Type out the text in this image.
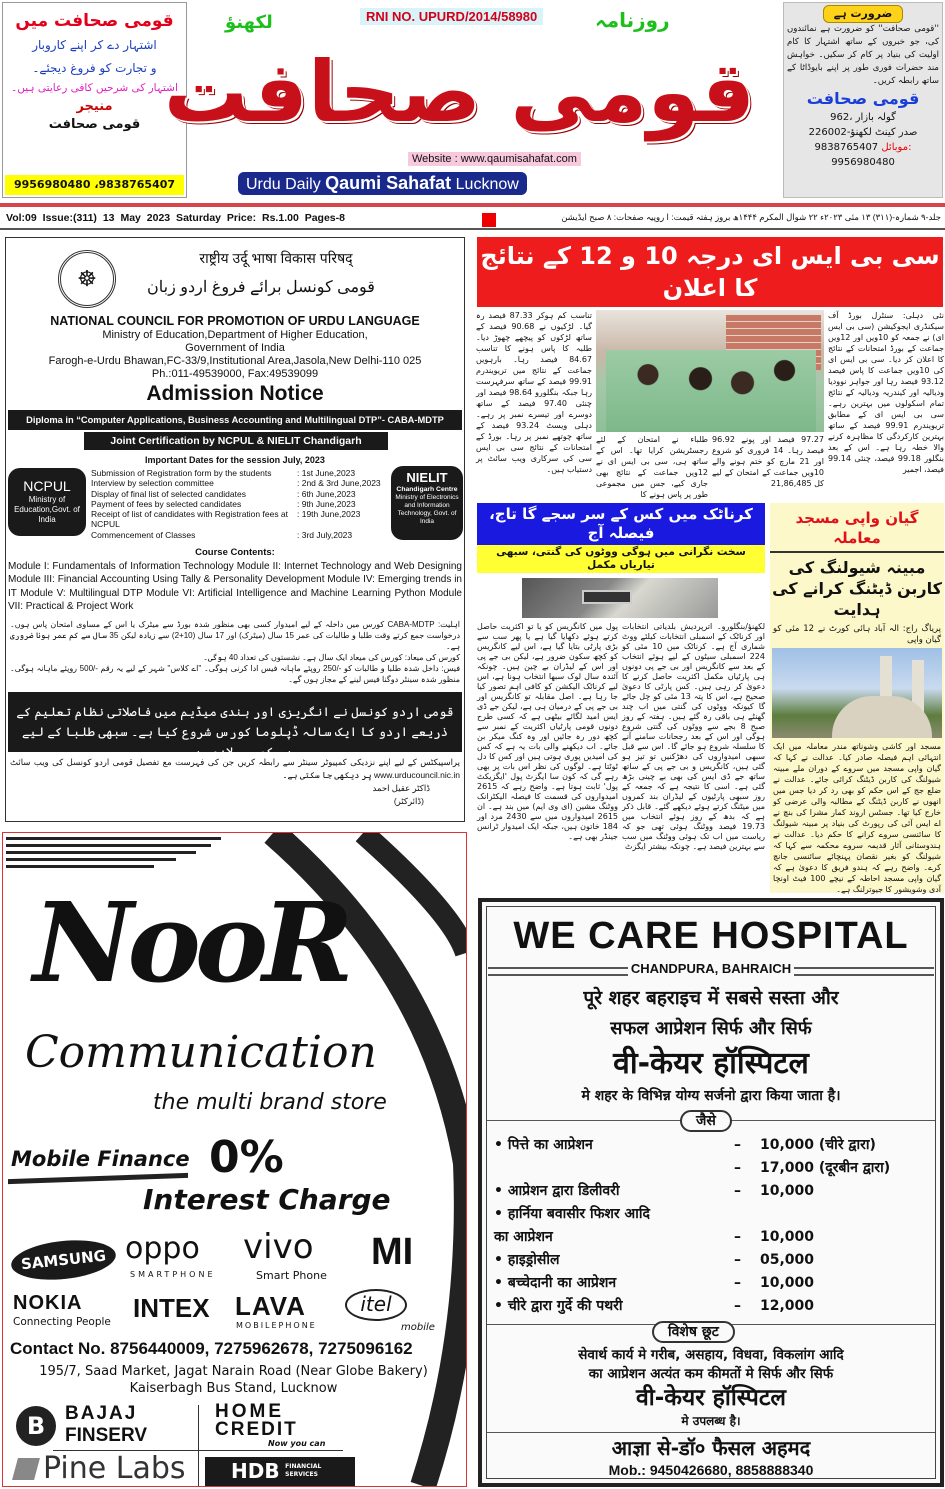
قومی صحافت میں
اشتہار دے کر اپنے کاروبار
و تجارت کو فروغ دیجئے۔
اشتہار کی شرحیں کافی رعایتی ہیں۔
منیجر
قومی صحافت
9956980480 ،9838765407
قومی صحافت
RNI NO. UPURD/2014/58980
لکھنؤ	روزنامہ
Website : www.qaumisahafat.com
Urdu Daily Qaumi Sahafat Lucknow
ضرورت ہے
''قومی صحافت'' کو ضرورت ہے نمائندوں کی، جو خبروں کے ساتھ اشتہار کا کام اولیت کی بنیاد پر کام کر سکیں۔ خواہش مند حضرات فوری طور پر اپنے بایوڈاٹا کے ساتھ رابطہ کریں۔
قومی صحافت
962، گولہ بازار
صدر کینٹ لکھنؤ-226002
9838765407 موبائل:
9956980480
Vol:09 Issue:(311) 13 May 2023 Saturday Price: Rs.1.00 Pages-8	جلد-۹ شمارہ-(۳۱۱) ۱۳ مئی ۲۰۲۳ء ۲۲ شوال المکرم ۱۴۴۴ھ بروز ہفتہ قیمت: ا روپیہ صفحات: ۸ صبح ایڈیشن
☸
राष्ट्रीय उर्दू भाषा विकास परिषद्
قومی کونسل برائے فروغ اردو زبان
NATIONAL COUNCIL FOR PROMOTION OF URDU LANGUAGE
Ministry of Education,Department of Higher Education,
Government of India
Farogh-e-Urdu Bhawan,FC-33/9,Institutional Area,Jasola,New Delhi-110 025
Ph.:011-49539000, Fax:49539099
Admission Notice
Diploma in “Computer Applications, Business Accounting and Multilingual DTP”- CABA-MDTP
Joint Certification by NCPUL & NIELIT Chandigarh
Important Dates for the session July, 2023
NCPUL
Ministry of Education,Govt. of India
Submission of Registration form by the students	: 1st June,2023
Interview by selection committee	: 2nd & 3rd June,2023
Display of final list of selected candidates	: 6th June,2023
Payment of fees by selected candidates	: 9th June,2023
Receipt of list of candidates with Registration fees at NCPUL
: 19th June,2023
Commencement of Classes	: 3rd July,2023
NIELIT
Chandigarh Centre
Ministry of Electronics and Information Technology, Govt. of India
Course Contents:
Module I: Fundamentals of Information Technology Module II: Internet Technology and Web Designing Module III: Financial Accounting Using Tally & Personality Development Module IV: Emerging trends in IT Module V: Multilingual DTP Module VI: Artificial Intelligence and Machine Learning Python Module VII: Practical & Project Work
اہلیت: CABA-MDTP کورس میں داخلہ کے لیے امیدوار کسی بھی منظور شدہ بورڈ سے میٹرک یا اس کے مساوی امتحان پاس ہوں۔ درخواست جمع کرتے وقت طلبا و طالبات کی عمر 15 سال (میٹرک) اور 17 سال (10+2) سے زیادہ لیکن 35 سال سے کم عمر ہونا ضروری ہے۔
کورس کی میعاد: کورس کی میعاد ایک سال ہے۔ نشستوں کی تعداد 40 ہوگی۔
فیس: داخل شدہ طلبا و طالبات کو -/250 روپئے ماہانہ فیس ادا کرنی ہوگی۔ ''اے کلاس'' شہر کے لیے یہ رقم -/500 روپئے ماہانہ ہوگی۔ منظور شدہ سینٹر دوگنا فیس لینے کے مجاز ہوں گے۔
قومی اردو کونسل نے انگریزی اور ہندی میڈیم میں فاصلاتی نظام تعلیم کے ذریعے اردو کا ایک سالہ ڈپلوما کورس شروع کیا ہے۔ سبھی طلبا کے لیے یہ کورس لازمی ہے۔
پراسپیکٹس کے لیے اپنے نزدیکی کمپیوٹر سینٹر سے رابطہ کریں جن کی فہرست مع تفصیل قومی اردو کونسل کی ویب سائٹ www.urducouncil.nic.in پر دیکھی جا سکتی ہے۔
ڈاکٹر عقیل احمد
(ڈائرکٹر)
NooR
Communication
the multi brand store
Mobile Finance 0%
Interest Charge
SAMSUNG oppo
SMARTPHONE
vivo
Smart Phone
MI
NOKIA
Connecting People INTEX LAVA
MOBILEPHONE
itel
mobile
Contact No. 8756440009, 7275962678, 7275096162
195/7, Saad Market, Jagat Narain Road (Near Globe Bakery)
Kaiserbagh Bus Stand, Lucknow
B	BAJAJ
FINSERV
HOME
CREDIT
Now you can
Pine Labs	HDB FINANCIAL SERVICES
سی بی ایس ای درجہ 10 و 12 کے نتائج کا اعلان
تناسب کم ہوکر 87.33 فیصد رہ گیا۔ لڑکیوں نے 90.68 فیصد کے ساتھ لڑکوں کو پیچھے چھوڑ دیا۔ طلبہ کا پاس ہونے کا تناسب 84.67 فیصد رہا۔ بارہویں جماعت کے نتائج میں تریویندرم 99.91 فیصد کے ساتھ سرفہرست رہا جبکہ بنگلورو 98.64 فیصد اور چنئی 97.40 فیصد کے ساتھ دوسرے اور تیسرے نمبر پر رہے۔ دہلی ویسٹ 93.24 فیصد کے ساتھ چوتھے نمبر پر رہا۔ بورڈ کے امتحانات کے نتائج سی بی ایس سی کی سرکاری ویب سائٹ پر دستیاب ہیں۔
طلباء نے امتحان کے لئے رجسٹریشن کرایا تھا۔ اس کے ساتھ ہی، سی بی ایس ای نے 12ویں جماعت کے نتائج بھی جاری کیے، جس میں مجموعی طور پر پاس ہونے کا
97.27 فیصد اور پونے 96.92 فیصد رہا۔ 14 فروری کو شروع اور 21 مارچ کو ختم ہونے والے 10ویں جماعت کے امتحان کے لیے کل 21,86,485
نئی دہلی: سنٹرل بورڈ آف سیکنڈری ایجوکیشن (سی بی ایس ای) نے جمعہ کو 10ویں اور 12ویں جماعت کے بورڈ امتحانات کے نتائج کا اعلان کر دیا۔ سی بی ایس ای کی 10ویں جماعت کا پاس فیصد 93.12 فیصد رہا اور جواہر نوودیا ودیالیہ اور کیندریہ ودیالیہ کے نتائج تمام اسکولوں میں بہترین رہے۔ سی بی ایس ای کے مطابق تریویندرم 99.91 فیصد کے ساتھ بہترین کارکردگی کا مظاہرہ کرنے والا خطہ رہا ہے۔ اس کے بعد بنگلور 99.18 فیصد، چنئی 99.14 فیصد، اجمیر
کرناٹک میں کس کے سر سجے گا تاج، فیصلہ آج
سخت نگرانی میں ہوگی ووٹوں کی گنتی، سبھی تیاریاں مکمل
لکھنؤ/بنگلورو۔ اترپردیش بلدیاتی انتخابات اور کرناٹک کے اسمبلی انتخابات کیلئے ووٹ شماری آج ہے۔ کرناٹک میں 10 مئی کو 224 اسمبلی سیٹوں کے لیے ہوئے انتخاب کے بعد سے کانگریس اور بی جے پی دونوں ہی پارٹیاں مکمل اکثریت حاصل کرنے کا دعویٰ کر رہی ہیں۔ کس پارٹی کا دعویٰ صحیح ہے، اس کا پتہ 13 مئی کو چل جائے گا کیونکہ ووٹوں کی گنتی میں اب چند گھنٹے ہی باقی رہ گئے ہیں۔ ہفتہ کے روز صبح 8 بجے سے ووٹوں کی گنتی شروع ہوگی اور اس کے بعد رجحانات سامنے آنے کا سلسلہ شروع ہو جائے گا۔ اس سے قبل سبھی امیدواروں کی دھڑکنیں تو تیز ہو گئی ہیں، کانگریس و بی جے پی کے ساتھ ساتھ جے ڈی ایس کی بھی بے چینی بڑھ گئی ہے۔ اسی کا نتیجہ ہے کہ جمعہ کے روز سبھی پارٹیوں کے لیڈران بند کمروں میں میٹنگ کرتے ہوئے دیکھے گئے۔ قابل ذکر ہے کہ بدھ کے روز ہوئے انتخاب میں 19.73 فیصد ووٹنگ ہوئی تھی جو کہ ریاست میں اب تک ہوئی ووٹنگ میں سب سے بہترین فیصد ہے۔ چونکہ بیشتر ایگزٹ
پول میں کانگریس کو یا تو اکثریت حاصل کرتے ہوئے دکھایا گیا ہے یا پھر سب سے بڑی پارٹی بتایا گیا ہے، اس لیے کانگریس کو کچھ سکون ضرور ہے، لیکن بی جے پی اور اس کے لیڈران بے چین ہیں۔ چونکہ آئندہ سال لوک سبھا انتخاب ہونا ہے، اس لیے کرناٹک الیکشن کو کافی اہم تصور کیا جا رہا ہے۔ اصل مقابلہ تو کانگریس اور بی جے پی کے درمیان ہی ہے، لیکن جے ڈی ایس امید لگائے بیٹھی ہے کہ کسی طرح دونوں قومی پارٹیاں اکثریت کے نمبر سے کچھ دور رہ جائیں اور وہ کنگ میکر بن جائے۔ اب دیکھنے والی بات یہ ہے کہ کس کی امیدیں پوری ہوتی ہیں اور کس کا دل ٹوٹتا ہے۔ لوگوں کی نظر اس بات پر بھی رہے گی کہ کون سا ایگزٹ پول 'ایگزیکٹ پول' ثابت ہوتا ہے۔ واضح رہے کہ 2615 امیدواروں کی قسمت کا فیصلہ الیکٹرانک ووٹنگ مشین (ای وی ایم) میں بند ہے۔ ان 2615 امیدواروں میں سے 2430 مرد اور 184 خاتون ہیں، جبکہ ایک امیدوار ٹرانس جینڈر بھی ہے۔
گیان واپی مسجد معاملہ
مبینہ شیولنگ کی کاربن ڈیٹنگ کرانے کی ہدایت
پریاگ راج: الہ آباد ہائی کورٹ نے 12 مئی کو گیان واپی
مسجد اور کاشی وشوناتھ مندر معاملہ میں ایک انتہائی اہم فیصلہ صادر کیا۔ عدالت نے کہا کہ گیان واپی مسجد میں سروے کے دوران ملے مبینہ شیولنگ کی کاربن ڈیٹنگ کرائی جائے۔ عدالت نے ضلع جج کے اس حکم کو بھی رد کر دیا جس میں انھوں نے کاربن ڈیٹنگ کے مطالبہ والی عرضی کو خارج کیا تھا۔ جسٹس اروند کمار مشرا کی بنچ نے اے ایس آئی کی رپورٹ کی بنیاد پر مبینہ شیولنگ کا سائنسی سروے کرانے کا حکم دیا۔ عدالت نے ہندوستانی آثار قدیمہ سروے محکمہ سے کہا کہ شیولنگ کو بغیر نقصان پہنچائے سائنسی جانچ کرے۔ واضح رہے کہ ہندو فریق کا دعویٰ ہے کہ گیان واپی مسجد احاطہ کے نیچے 100 فیٹ اونچا آدی وشویشور کا جیوترلنگ ہے۔
WE CARE HOSPITAL
CHANDPURA, BAHRAICH
पूरे शहर बहराइच में सबसे सस्ता और
सफल आप्रेशन सिर्फ और सिर्फ
वी-केयर हॉस्पिटल
मे शहर के विभिन्न योग्य सर्जनो द्वारा किया जाता है।
जैसे
• पित्ते का आप्रेशन	–	10,000 (चीरे द्वारा)
–	17,000 (दूरबीन द्वारा)
• आप्रेशन द्वारा डिलीवरी	–	10,000
• हार्निया बवासीर फिशर आदि
का आप्रेशन	–	10,000
• हाइड्रोसील	–	05,000
• बच्चेदानी का आप्रेशन	–	10,000
• चीरे द्वारा गुर्दे की पथरी	–	12,000
विशेष छूट
सेवार्थ कार्य मे गरीब, असहाय, विधवा, विकलांग आदि
का आप्रेशन अत्यंत कम कीमतों मे सिर्फ और सिर्फ
वी-केयर हॉस्पिटल
मे उपलब्ध है।
आज्ञा से-डॉ० फैसल अहमद
Mob.: 9450426680, 8858888340
